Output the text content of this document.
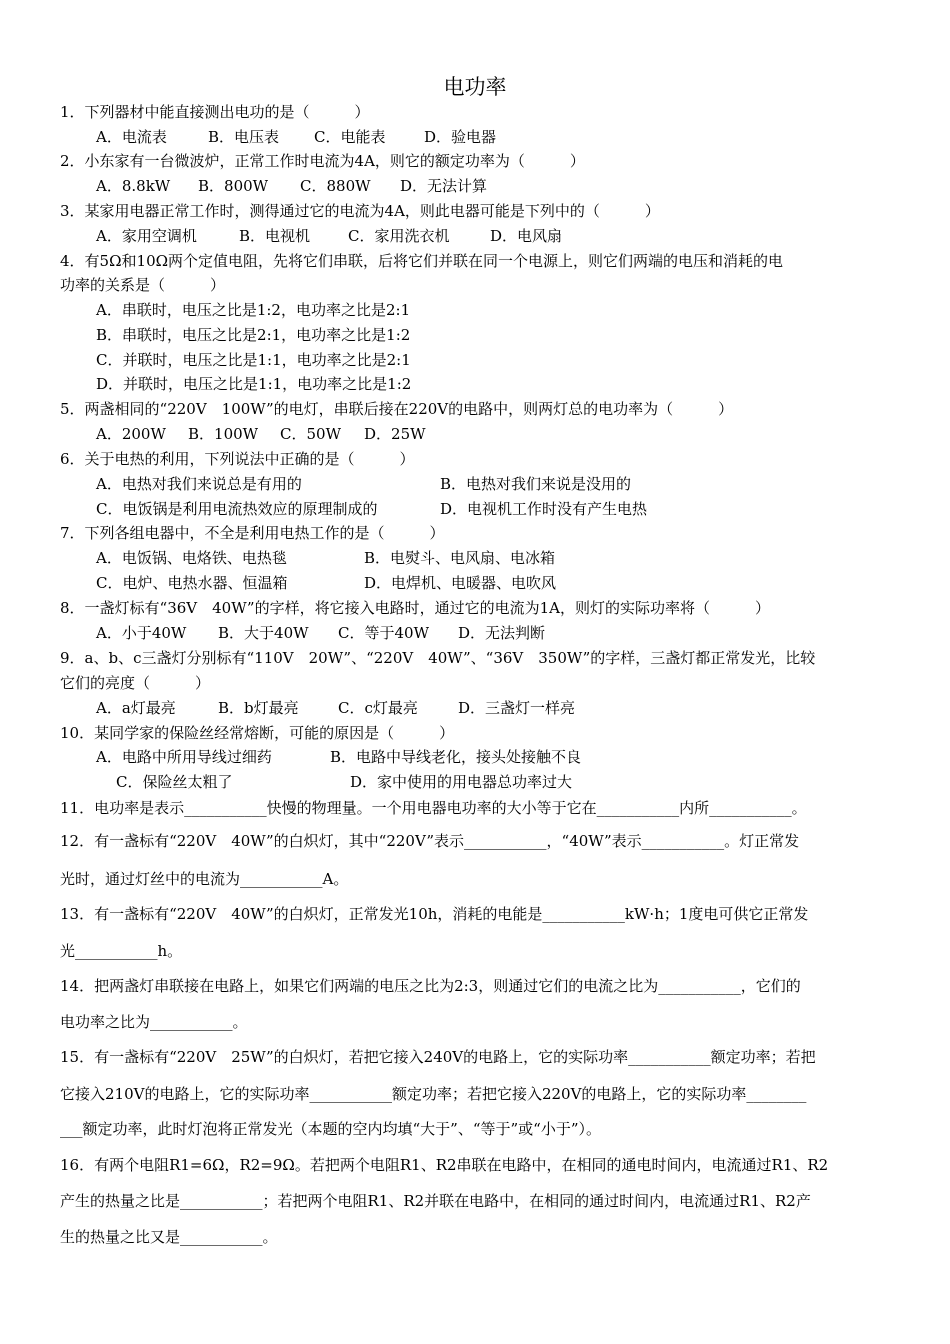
电功率
1．下列器材中能直接测出电功的是（　　　）
A．电流表	B．电压表 C．电能表	D．验电器
2．小东家有一台微波炉，正常工作时电流为4A，则它的额定功率为（　　　）
A．8.8kW B．800W C．880W D．无法计算
3．某家用电器正常工作时，测得通过它的电流为4A，则此电器可能是下列中的（　　　）
A．家用空调机	B．电视机	C．家用洗衣机	D．电风扇
4．有5Ω和10Ω两个定值电阻，先将它们串联，后将它们并联在同一个电源上，则它们两端的电压和消耗的电
功率的关系是（　　　）
A．串联时，电压之比是1:2，电功率之比是2:1
B．串联时，电压之比是2:1，电功率之比是1:2
C．并联时，电压之比是1:1，电功率之比是2:1
D．并联时，电压之比是1:1，电功率之比是1:2
5．两盏相同的“220V　100W”的电灯，串联后接在220V的电路中，则两灯总的电功率为（　　　）
A．200W B．100W C．50W D．25W
6．关于电热的利用，下列说法中正确的是（　　　）
A．电热对我们来说总是有用的	B．电热对我们来说是没用的
C．电饭锅是利用电流热效应的原理制成的	D．电视机工作时没有产生电热
7．下列各组电器中，不全是利用电热工作的是（　　　）
A．电饭锅、电烙铁、电热毯	B．电熨斗、电风扇、电冰箱
C．电炉、电热水器、恒温箱	D．电焊机、电暖器、电吹风
8．一盏灯标有“36V　40W”的字样，将它接入电路时，通过它的电流为1A，则灯的实际功率将（　　　）
A．小于40W B．大于40W C．等于40W D．无法判断
9．a、b、c三盏灯分别标有“110V　20W”、“220V　40W”、“36V　350W”的字样，三盏灯都正常发光，比较
它们的亮度（　　　）
A．a灯最亮	B．b灯最亮	C．c灯最亮	D．三盏灯一样亮
10．某同学家的保险丝经常熔断，可能的原因是（　　　）
A．电路中所用导线过细药	B．电路中导线老化，接头处接触不良
C．保险丝太粗了	D．家中使用的用电器总功率过大
11．电功率是表示___________快慢的物理量。一个用电器电功率的大小等于它在___________内所___________。
12．有一盏标有“220V　40W”的白炽灯，其中“220V”表示___________，“40W”表示___________。灯正常发
光时，通过灯丝中的电流为___________A。
13．有一盏标有“220V　40W”的白炽灯，正常发光10h，消耗的电能是___________kW·h；1度电可供它正常发
光___________h。
14．把两盏灯串联接在电路上，如果它们两端的电压之比为2:3，则通过它们的电流之比为___________，它们的
电功率之比为___________。
15．有一盏标有“220V　25W”的白炽灯，若把它接入240V的电路上，它的实际功率___________额定功率；若把
它接入210V的电路上，它的实际功率___________额定功率；若把它接入220V的电路上，它的实际功率________
___额定功率，此时灯泡将正常发光（本题的空内均填“大于”、“等于”或“小于”）。
16．有两个电阻R1=6Ω，R2=9Ω。若把两个电阻R1、R2串联在电路中，在相同的通电时间内，电流通过R1、R2
产生的热量之比是___________；若把两个电阻R1、R2并联在电路中，在相同的通过时间内，电流通过R1、R2产
生的热量之比又是___________。
